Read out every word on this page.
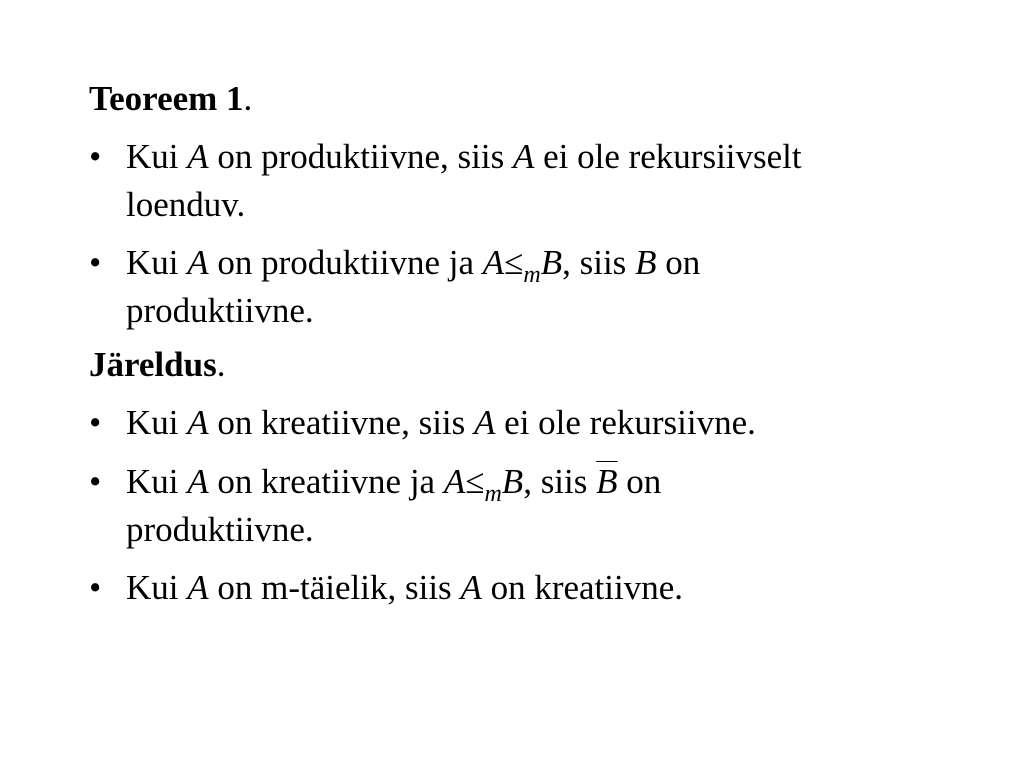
Teoreem 1.
• Kui A on produktiivne, siis A ei ole rekursiivselt
loenduv.
• Kui A on produktiivne ja $A\le_mB$, siis B on
produktiivne.
Järeldus.
• Kui A on kreatiivne, siis A ei ole rekursiivne.
• Kui A on kreatiivne ja $A\le_mB$, siis $\overline{B}$ on
produktiivne.
• Kui A on m-täielik, siis A on kreatiivne.
